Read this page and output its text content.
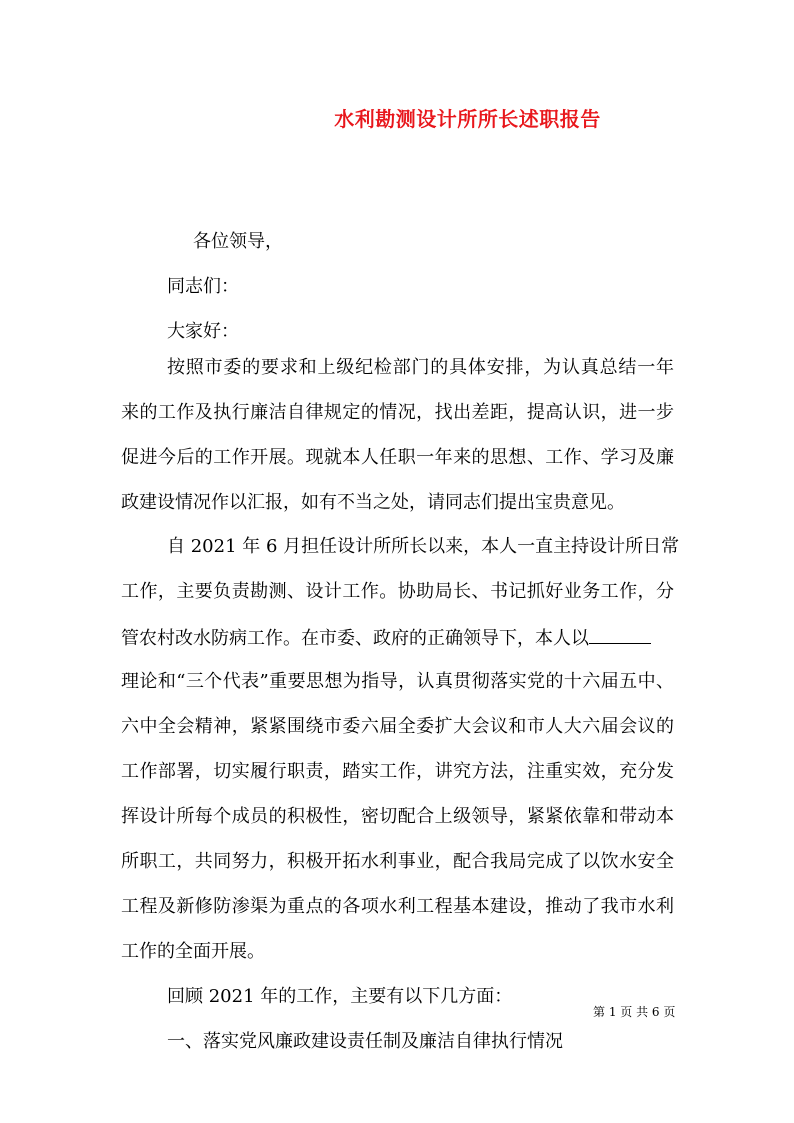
水利勘测设计所所长述职报告
各位领导，
同志们：
大家好：
按照市委的要求和上级纪检部门的具体安排，为认真总结一年
来的工作及执行廉洁自律规定的情况，找出差距，提高认识，进一步
促进今后的工作开展。现就本人任职一年来的思想、工作、学习及廉
政建设情况作以汇报，如有不当之处，请同志们提出宝贵意见。
自 2021 年 6 月担任设计所所长以来，本人一直主持设计所日常
工作，主要负责勘测、设计工作。协助局长、书记抓好业务工作，分
管农村改水防病工作。在市委、政府的正确领导下，本人以
理论和“三个代表”重要思想为指导，认真贯彻落实党的十六届五中、
六中全会精神，紧紧围绕市委六届全委扩大会议和市人大六届会议的
工作部署，切实履行职责，踏实工作，讲究方法，注重实效，充分发
挥设计所每个成员的积极性，密切配合上级领导，紧紧依靠和带动本
所职工，共同努力，积极开拓水利事业，配合我局完成了以饮水安全
工程及新修防渗渠为重点的各项水利工程基本建设，推动了我市水利
工作的全面开展。
回顾 2021 年的工作，主要有以下几方面：
一、落实党风廉政建设责任制及廉洁自律执行情况
第 1 页 共 6 页
